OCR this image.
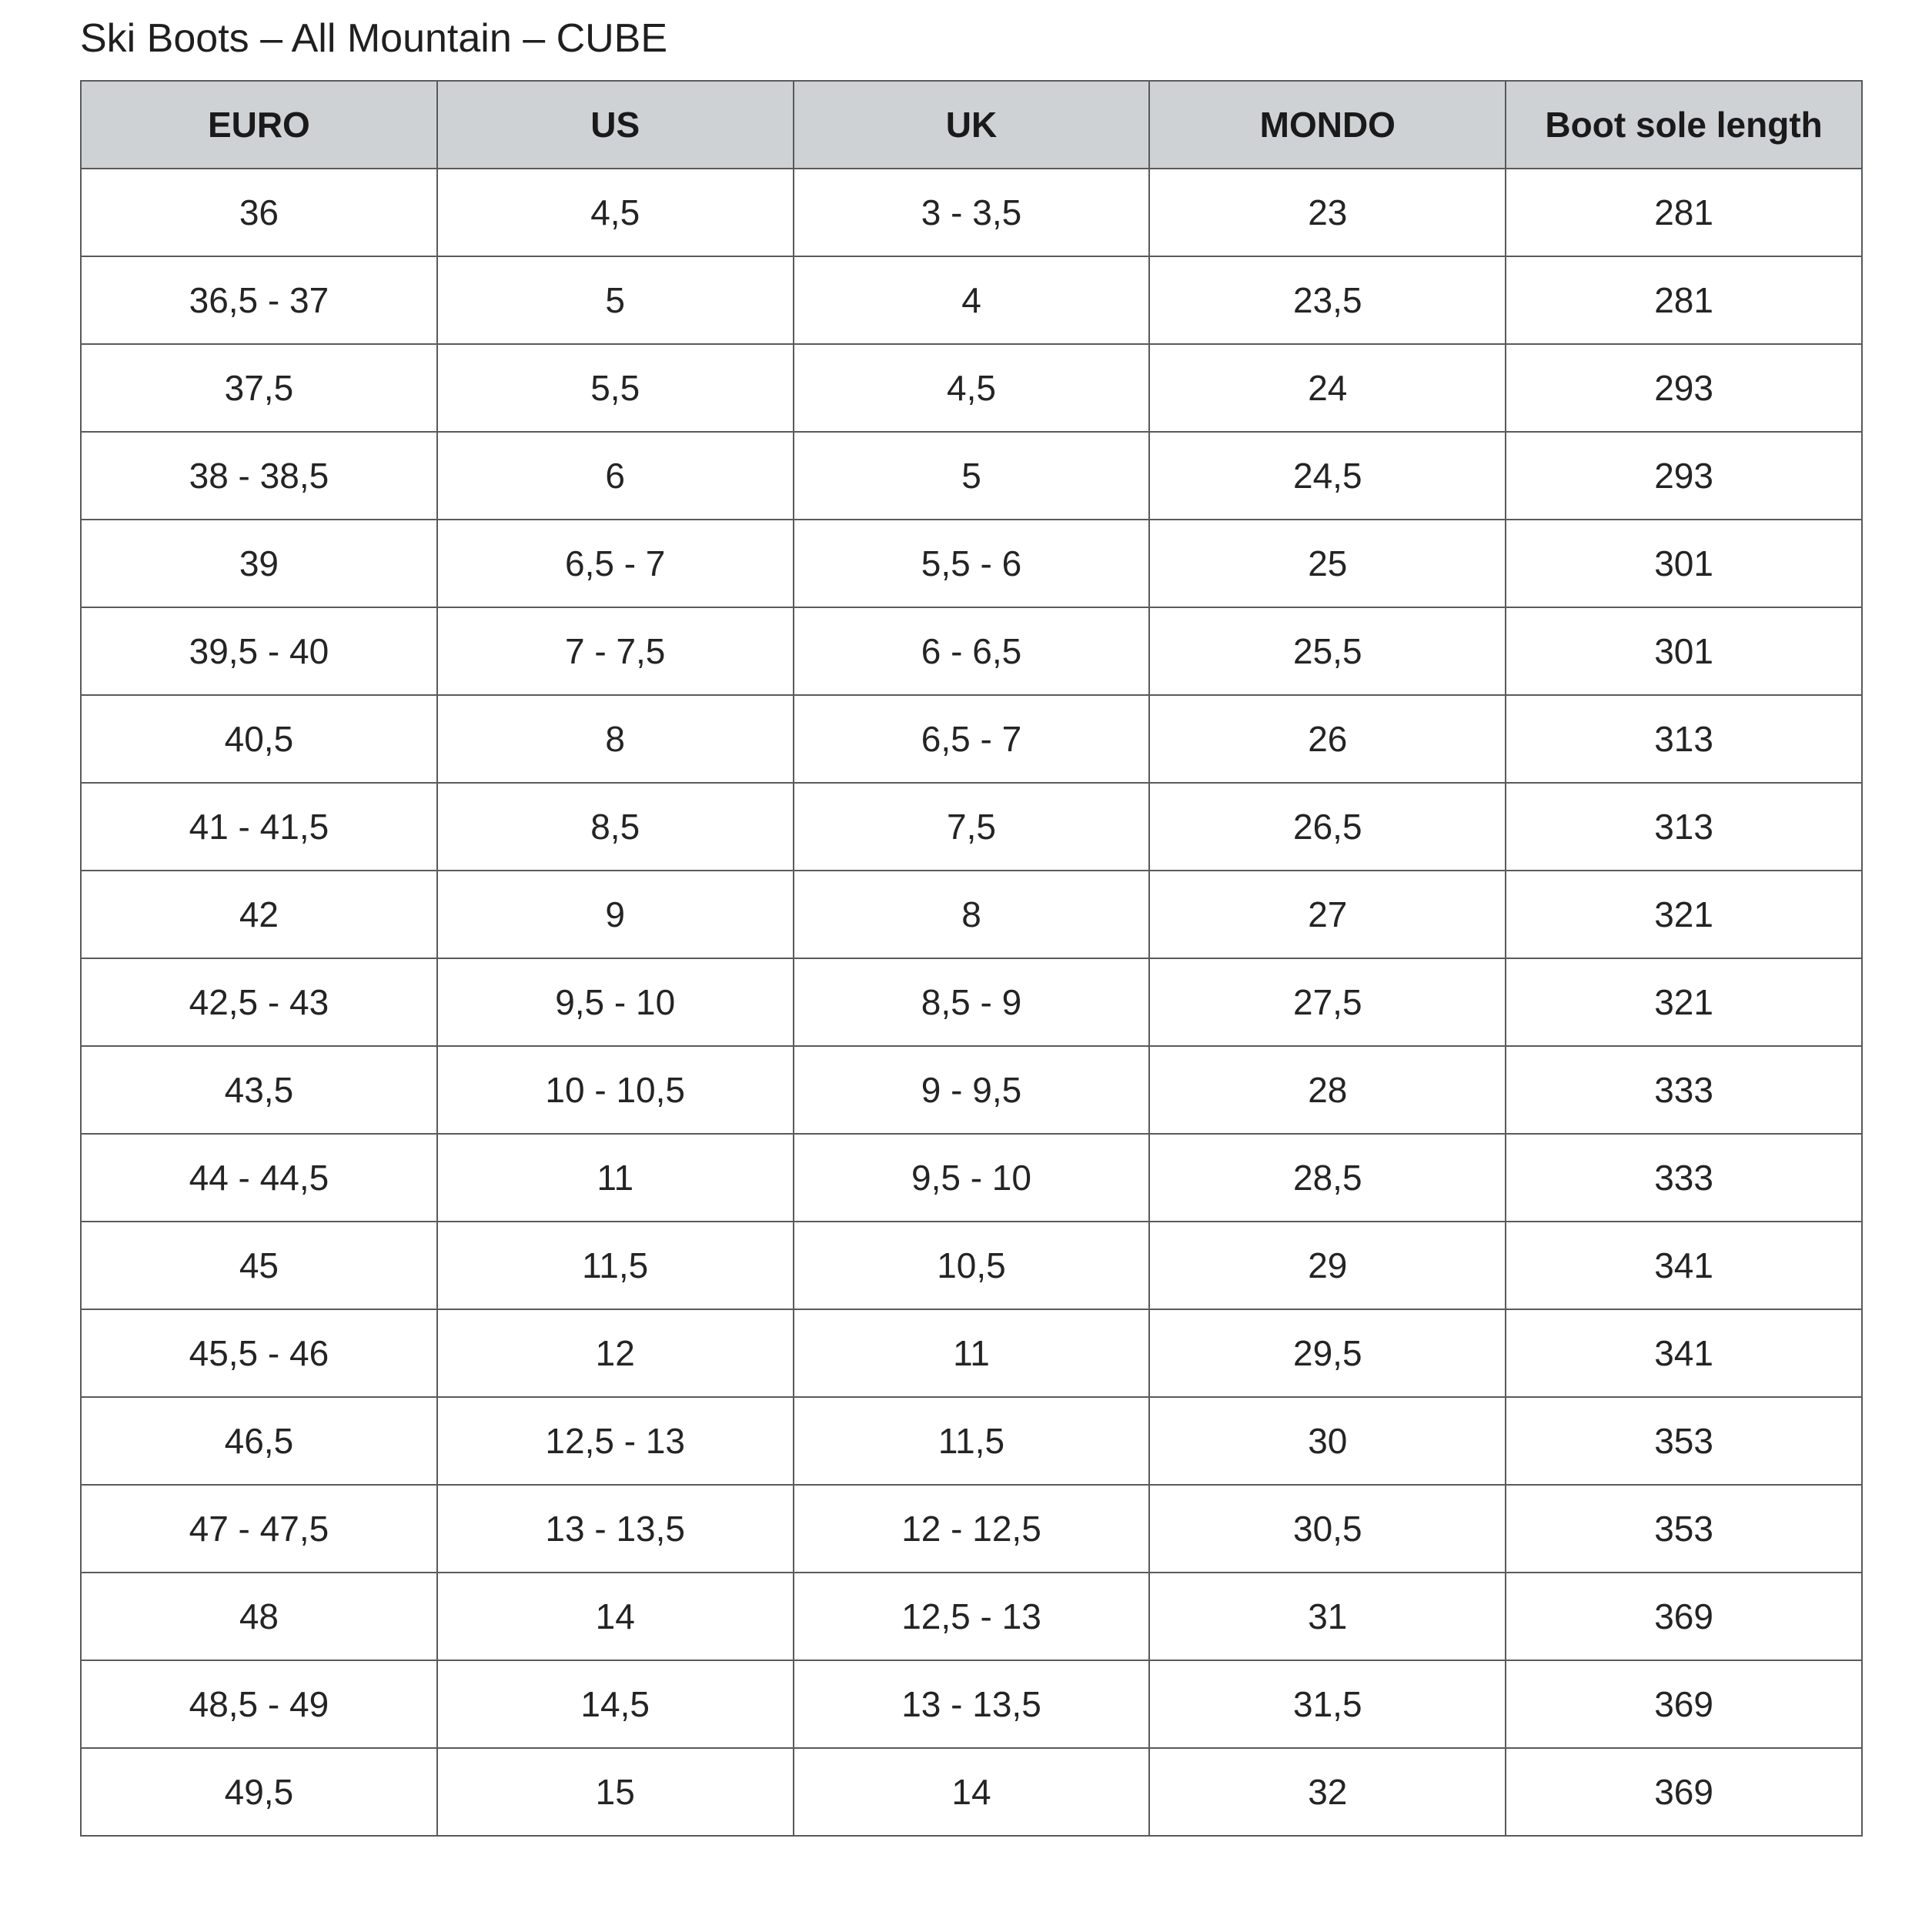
Ski Boots – All Mountain – CUBE
EURO	US	UK	MONDO	Boot sole length
36	4,5	3 - 3,5	23	281
36,5 - 37	5	4	23,5	281
37,5	5,5	4,5	24	293
38 - 38,5	6	5	24,5	293
39	6,5 - 7	5,5 - 6	25	301
39,5 - 40	7 - 7,5	6 - 6,5	25,5	301
40,5	8	6,5 - 7	26	313
41 - 41,5	8,5	7,5	26,5	313
42	9	8	27	321
42,5 - 43	9,5 - 10	8,5 - 9	27,5	321
43,5	10 - 10,5	9 - 9,5	28	333
44 - 44,5	11	9,5 - 10	28,5	333
45	11,5	10,5	29	341
45,5 - 46	12	11	29,5	341
46,5	12,5 - 13	11,5	30	353
47 - 47,5	13 - 13,5	12 - 12,5	30,5	353
48	14	12,5 - 13	31	369
48,5 - 49	14,5	13 - 13,5	31,5	369
49,5	15	14	32	369
